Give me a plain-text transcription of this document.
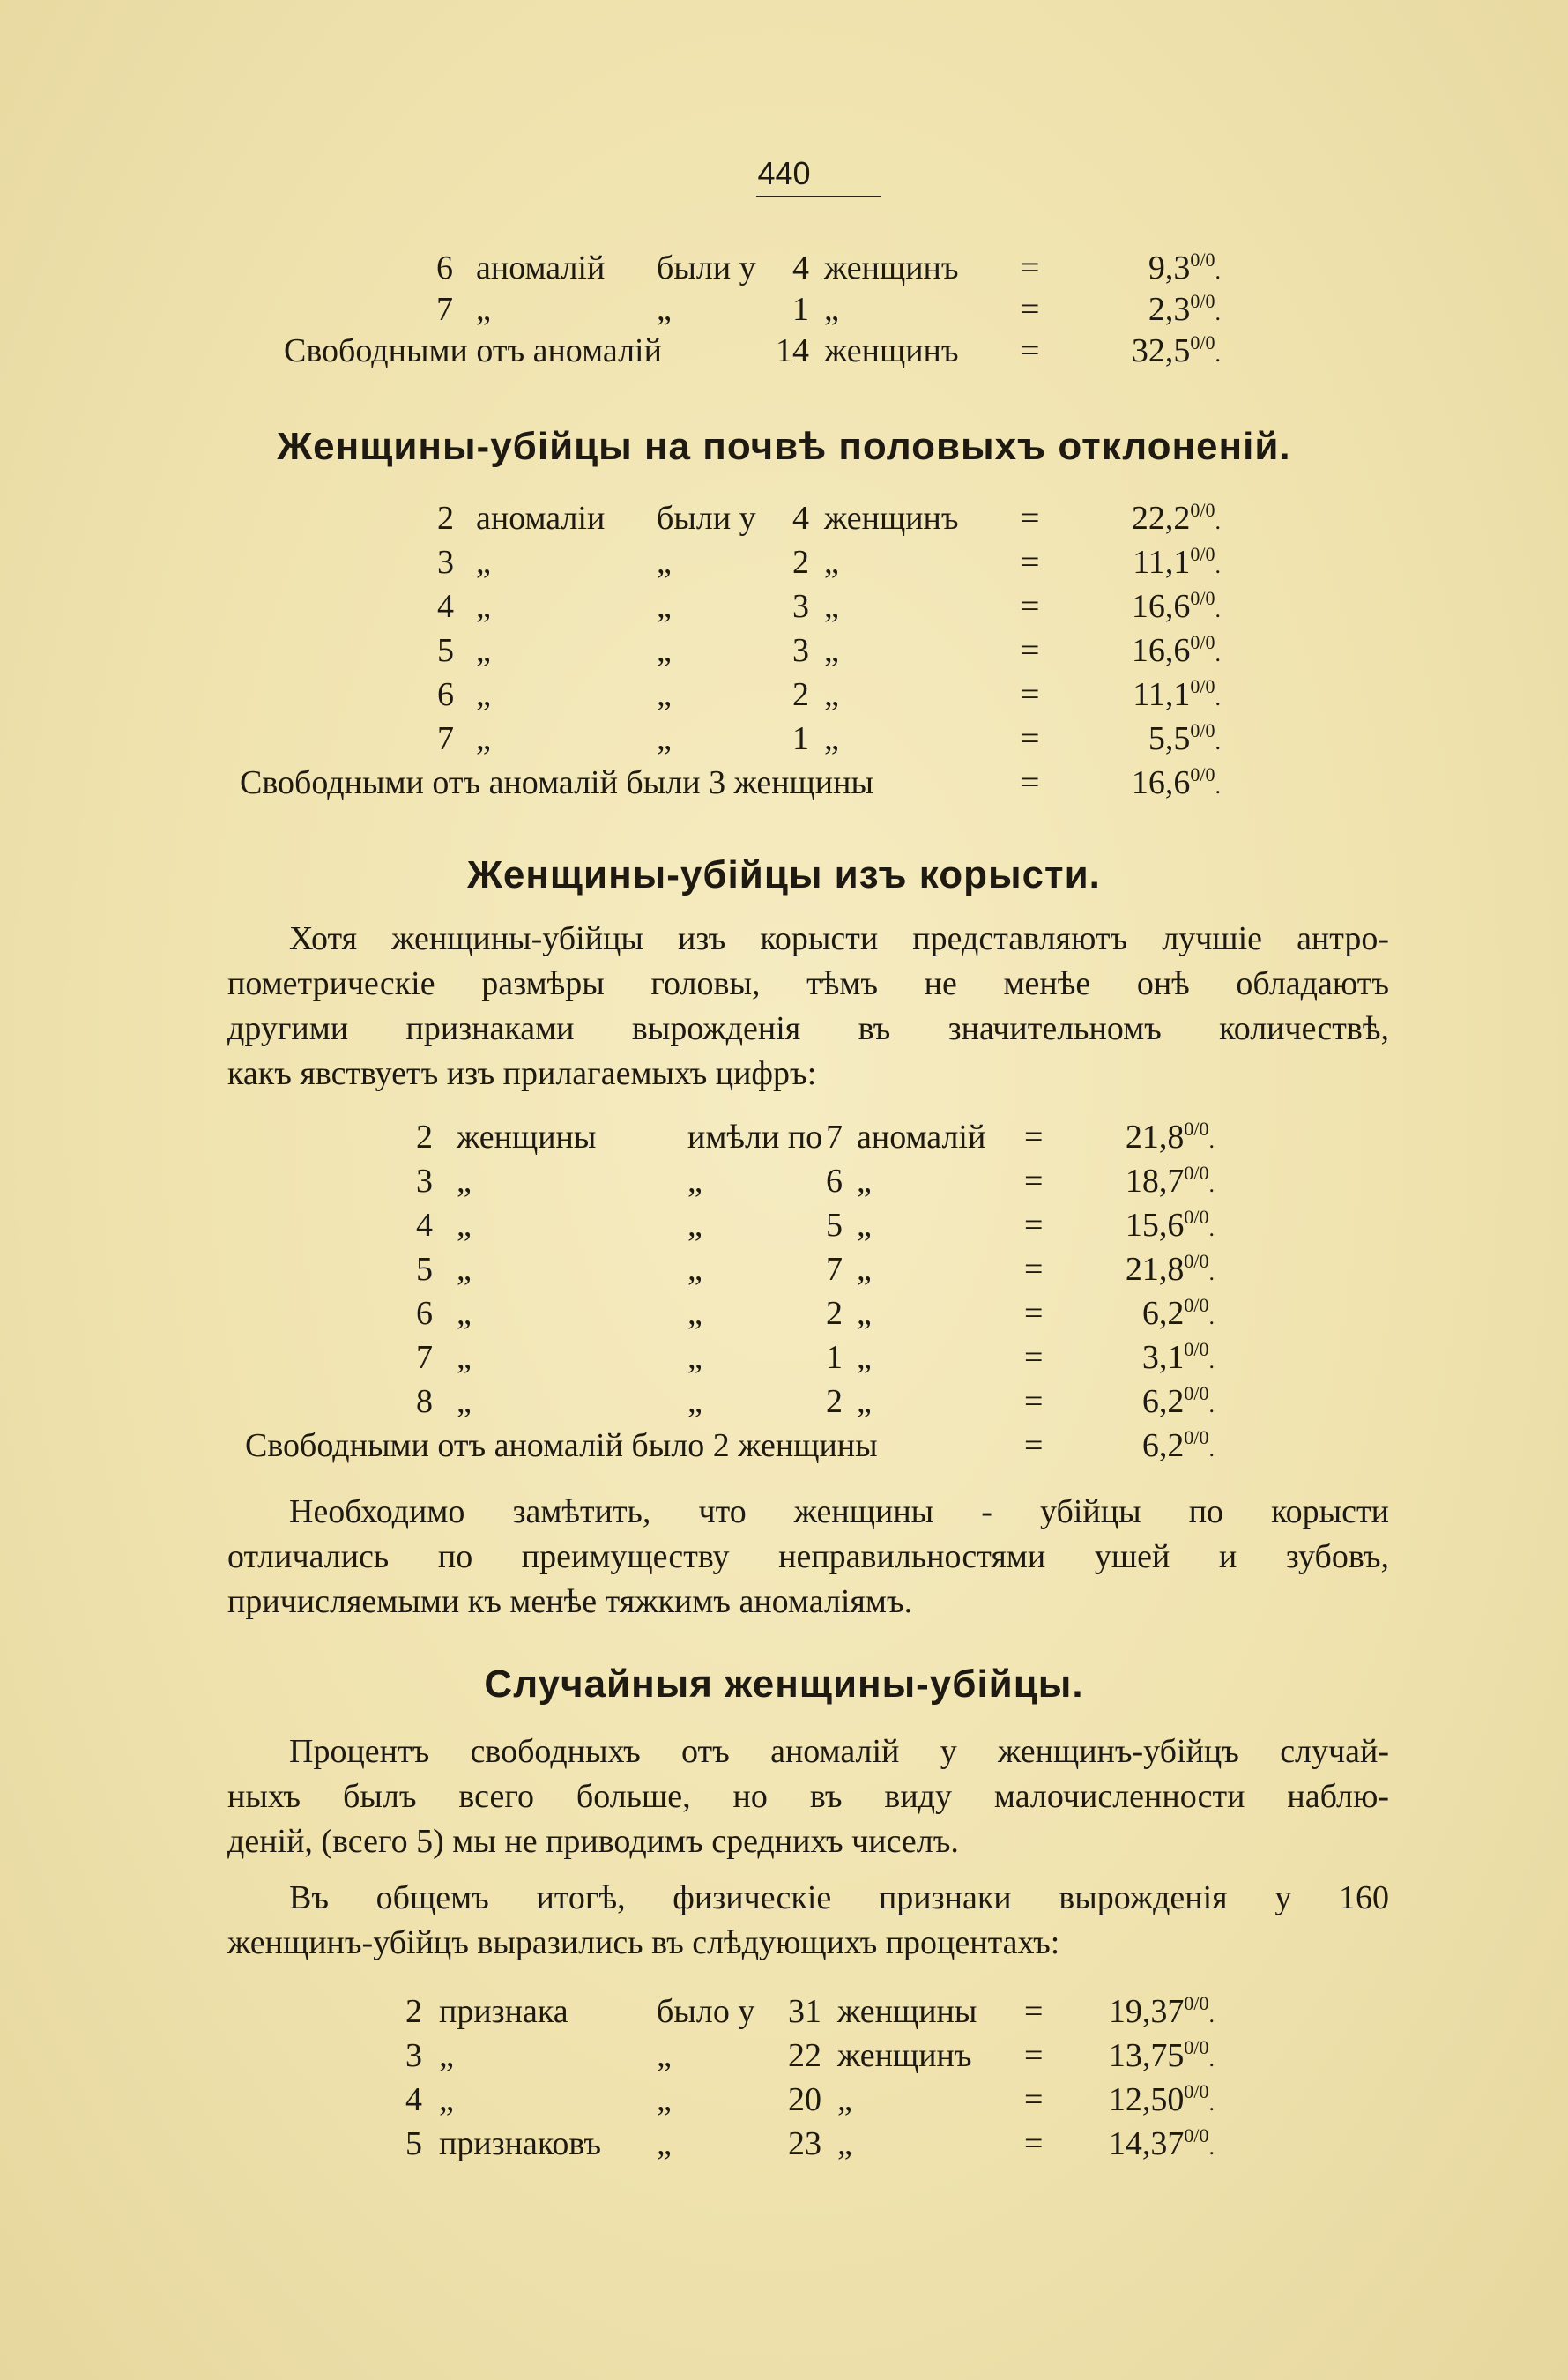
440
6 аномалій были у 4 женщинъ =	$9,3^{0/0}$.
7 „	„	1 „	=	$2,3^{0/0}$.
Свободными отъ аномалій	14 женщинъ =	$32,5^{0/0}$.
Женщины-убійцы на почвѣ половыхъ отклоненій.
2 аномаліи были у 4 женщинъ =	$22,2^{0/0}$.
3 „	„	2 „	=	$11,1^{0/0}$.
4 „	„	3 „	=	$16,6^{0/0}$.
5 „	„	3 „	=	$16,6^{0/0}$.
6 „	„	2 „	=	$11,1^{0/0}$.
7 „	„	1 „	=	$5,5^{0/0}$.
Свободными отъ аномалій были 3 женщины	=	$16,6^{0/0}$.
Женщины-убійцы изъ корысти.
Хотя женщины-убійцы изъ корысти представляютъ лучшіе антро-
пометрическіе размѣры головы, тѣмъ не менѣе онѣ обладаютъ
другими признаками вырожденія въ значительномъ количествѣ,
какъ явствуетъ изъ прилагаемыхъ цифръ:
2 женщины	имѣли по 7 аномалій = $21,8^{0/0}$.
3 „	„	6 „	= $18,7^{0/0}$.
4 „	„	5 „	= $15,6^{0/0}$.
5 „	„	7 „	= $21,8^{0/0}$.
6 „	„	2 „	=	$6,2^{0/0}$.
7 „	„	1 „	=	$3,1^{0/0}$.
8 „	„	2 „	=	$6,2^{0/0}$.
Свободными отъ аномалій было 2 женщины	=	$6,2^{0/0}$.
Необходимо замѣтить, что женщины - убійцы по корысти
отличались по преимуществу неправильностями ушей и зубовъ,
причисляемыми къ менѣе тяжкимъ аномаліямъ.
Случайныя женщины-убійцы.
Процентъ свободныхъ отъ аномалій у женщинъ-убійцъ случай-
ныхъ былъ всего больше, но въ виду малочисленности наблю-
деній, (всего 5) мы не приводимъ среднихъ чиселъ.
Въ общемъ итогѣ, физическіе признаки вырожденія у 160
женщинъ-убійцъ выразились въ слѣдующихъ процентахъ:
2 признака	было у 31 женщины = $19,37^{0/0}$.
3 „	„	22 женщинъ = $13,75^{0/0}$.
4 „	„	20 „	= $12,50^{0/0}$.
5 признаковъ „	23 „	= $14,37^{0/0}$.
